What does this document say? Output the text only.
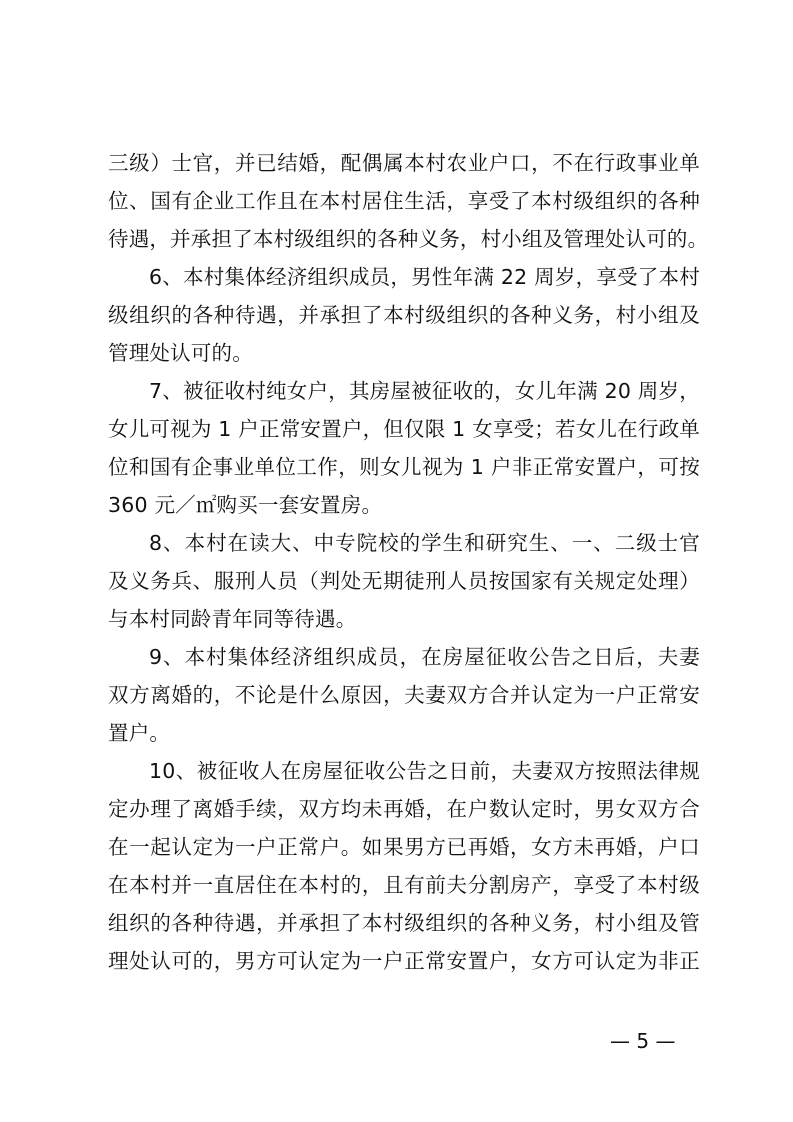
三级）士官，并已结婚，配偶属本村农业户口，不在行政事业单
位、国有企业工作且在本村居住生活，享受了本村级组织的各种
待遇，并承担了本村级组织的各种义务，村小组及管理处认可的。
6、本村集体经济组织成员，男性年满 22 周岁，享受了本村
级组织的各种待遇，并承担了本村级组织的各种义务，村小组及
管理处认可的。
7、被征收村纯女户，其房屋被征收的，女儿年满 20 周岁，
女儿可视为 1 户正常安置户，但仅限 1 女享受；若女儿在行政单
位和国有企事业单位工作，则女儿视为 1 户非正常安置户，可按
360 元／㎡购买一套安置房。
8、本村在读大、中专院校的学生和研究生、一、二级士官
及义务兵、服刑人员（判处无期徒刑人员按国家有关规定处理）
与本村同龄青年同等待遇。
9、本村集体经济组织成员，在房屋征收公告之日后，夫妻
双方离婚的，不论是什么原因，夫妻双方合并认定为一户正常安
置户。
10、被征收人在房屋征收公告之日前，夫妻双方按照法律规
定办理了离婚手续，双方均未再婚，在户数认定时，男女双方合
在一起认定为一户正常户。如果男方已再婚，女方未再婚，户口
在本村并一直居住在本村的，且有前夫分割房产，享受了本村级
组织的各种待遇，并承担了本村级组织的各种义务，村小组及管
理处认可的，男方可认定为一户正常安置户，女方可认定为非正
— 5 —
